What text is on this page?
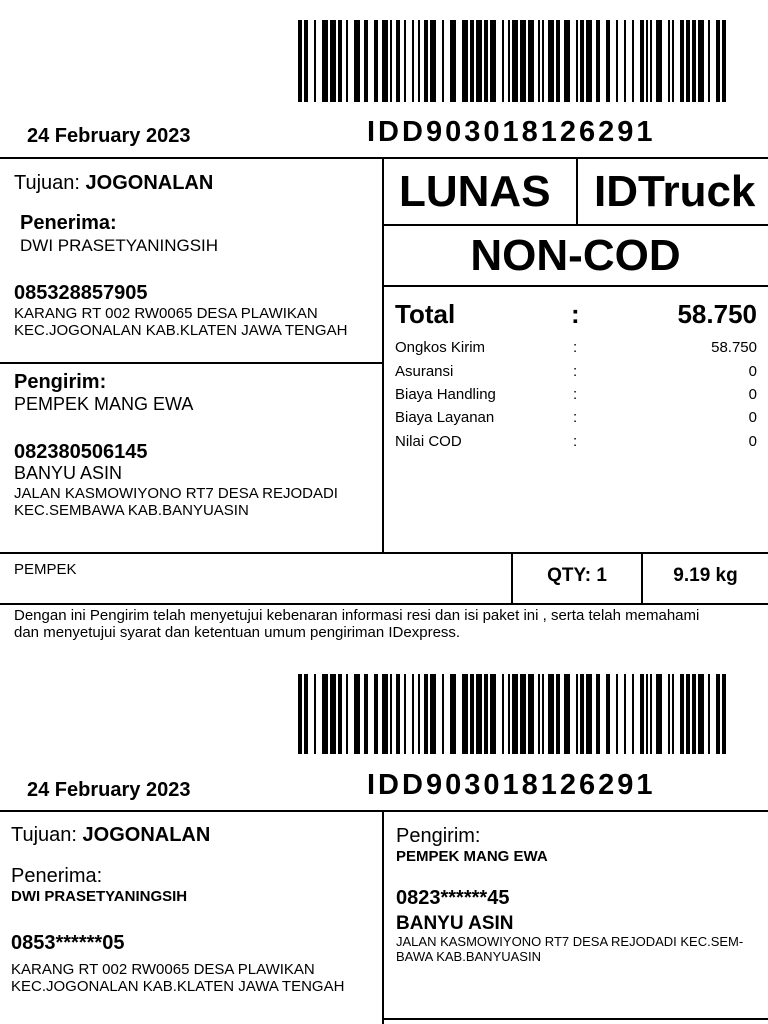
24 February 2023	IDD903018126291
Tujuan: JOGONALAN
Penerima:
DWI PRASETYANINGSIH
085328857905
KARANG RT 002 RW0065 DESA PLAWIKAN
KEC.JOGONALAN KAB.KLATEN JAWA TENGAH
Pengirim:
PEMPEK MANG EWA
082380506145
BANYU ASIN
JALAN KASMOWIYONO RT7 DESA REJODADI
KEC.SEMBAWA KAB.BANYUASIN
LUNAS IDTruck
NON-COD
Total	:	58.750
Ongkos Kirim	:	58.750
Asuransi	:	0
Biaya Handling	:	0
Biaya Layanan	:	0
Nilai COD	:	0
PEMPEK	QTY: 1	9.19 kg
Dengan ini Pengirim telah menyetujui kebenaran informasi resi dan isi paket ini , serta telah memahami
dan menyetujui syarat dan ketentuan umum pengiriman IDexpress.
24 February 2023	IDD903018126291
Tujuan: JOGONALAN
Penerima:
DWI PRASETYANINGSIH
0853******05
KARANG RT 002 RW0065 DESA PLAWIKAN
KEC.JOGONALAN KAB.KLATEN JAWA TENGAH
Pengirim:
PEMPEK MANG EWA
0823******45
BANYU ASIN
JALAN KASMOWIYONO RT7 DESA REJODADI KEC.SEM-
BAWA KAB.BANYUASIN
